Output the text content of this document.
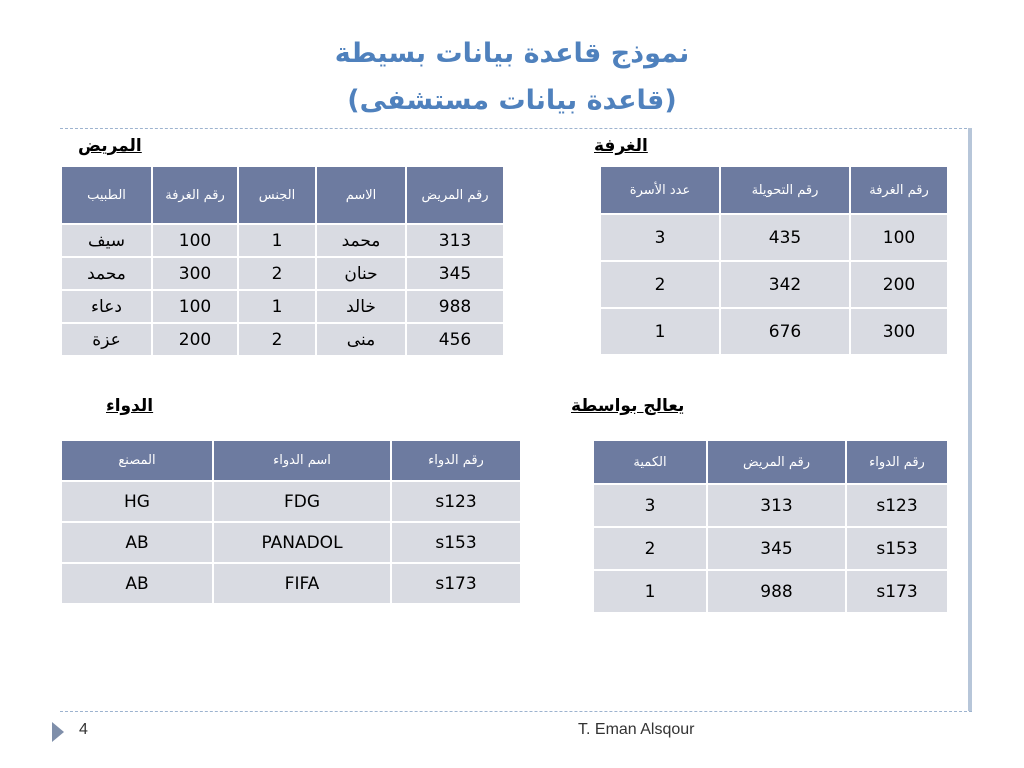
نموذج قاعدة بيانات بسيطة
(قاعدة بيانات مستشفى)
المريض
رقم المريض	الاسم	الجنس	رقم الغرفة	الطبيب
313	محمد	1	100	سيف
345	حنان	2	300	محمد
988	خالد	1	100	دعاء
456	منى	2	200	عزة
الغرفة
رقم الغرفة	رقم التحويلة	عدد الأسرة
100	435	3
200	342	2
300	676	1
الدواء
رقم الدواء	اسم الدواء	المصنع
s123	FDG	HG
s153	PANADOL	AB
s173	FIFA	AB
يعالج بواسطة
رقم الدواء	رقم المريض	الكمية
s123	313	3
s153	345	2
s173	988	1
4	T. Eman Alsqour
